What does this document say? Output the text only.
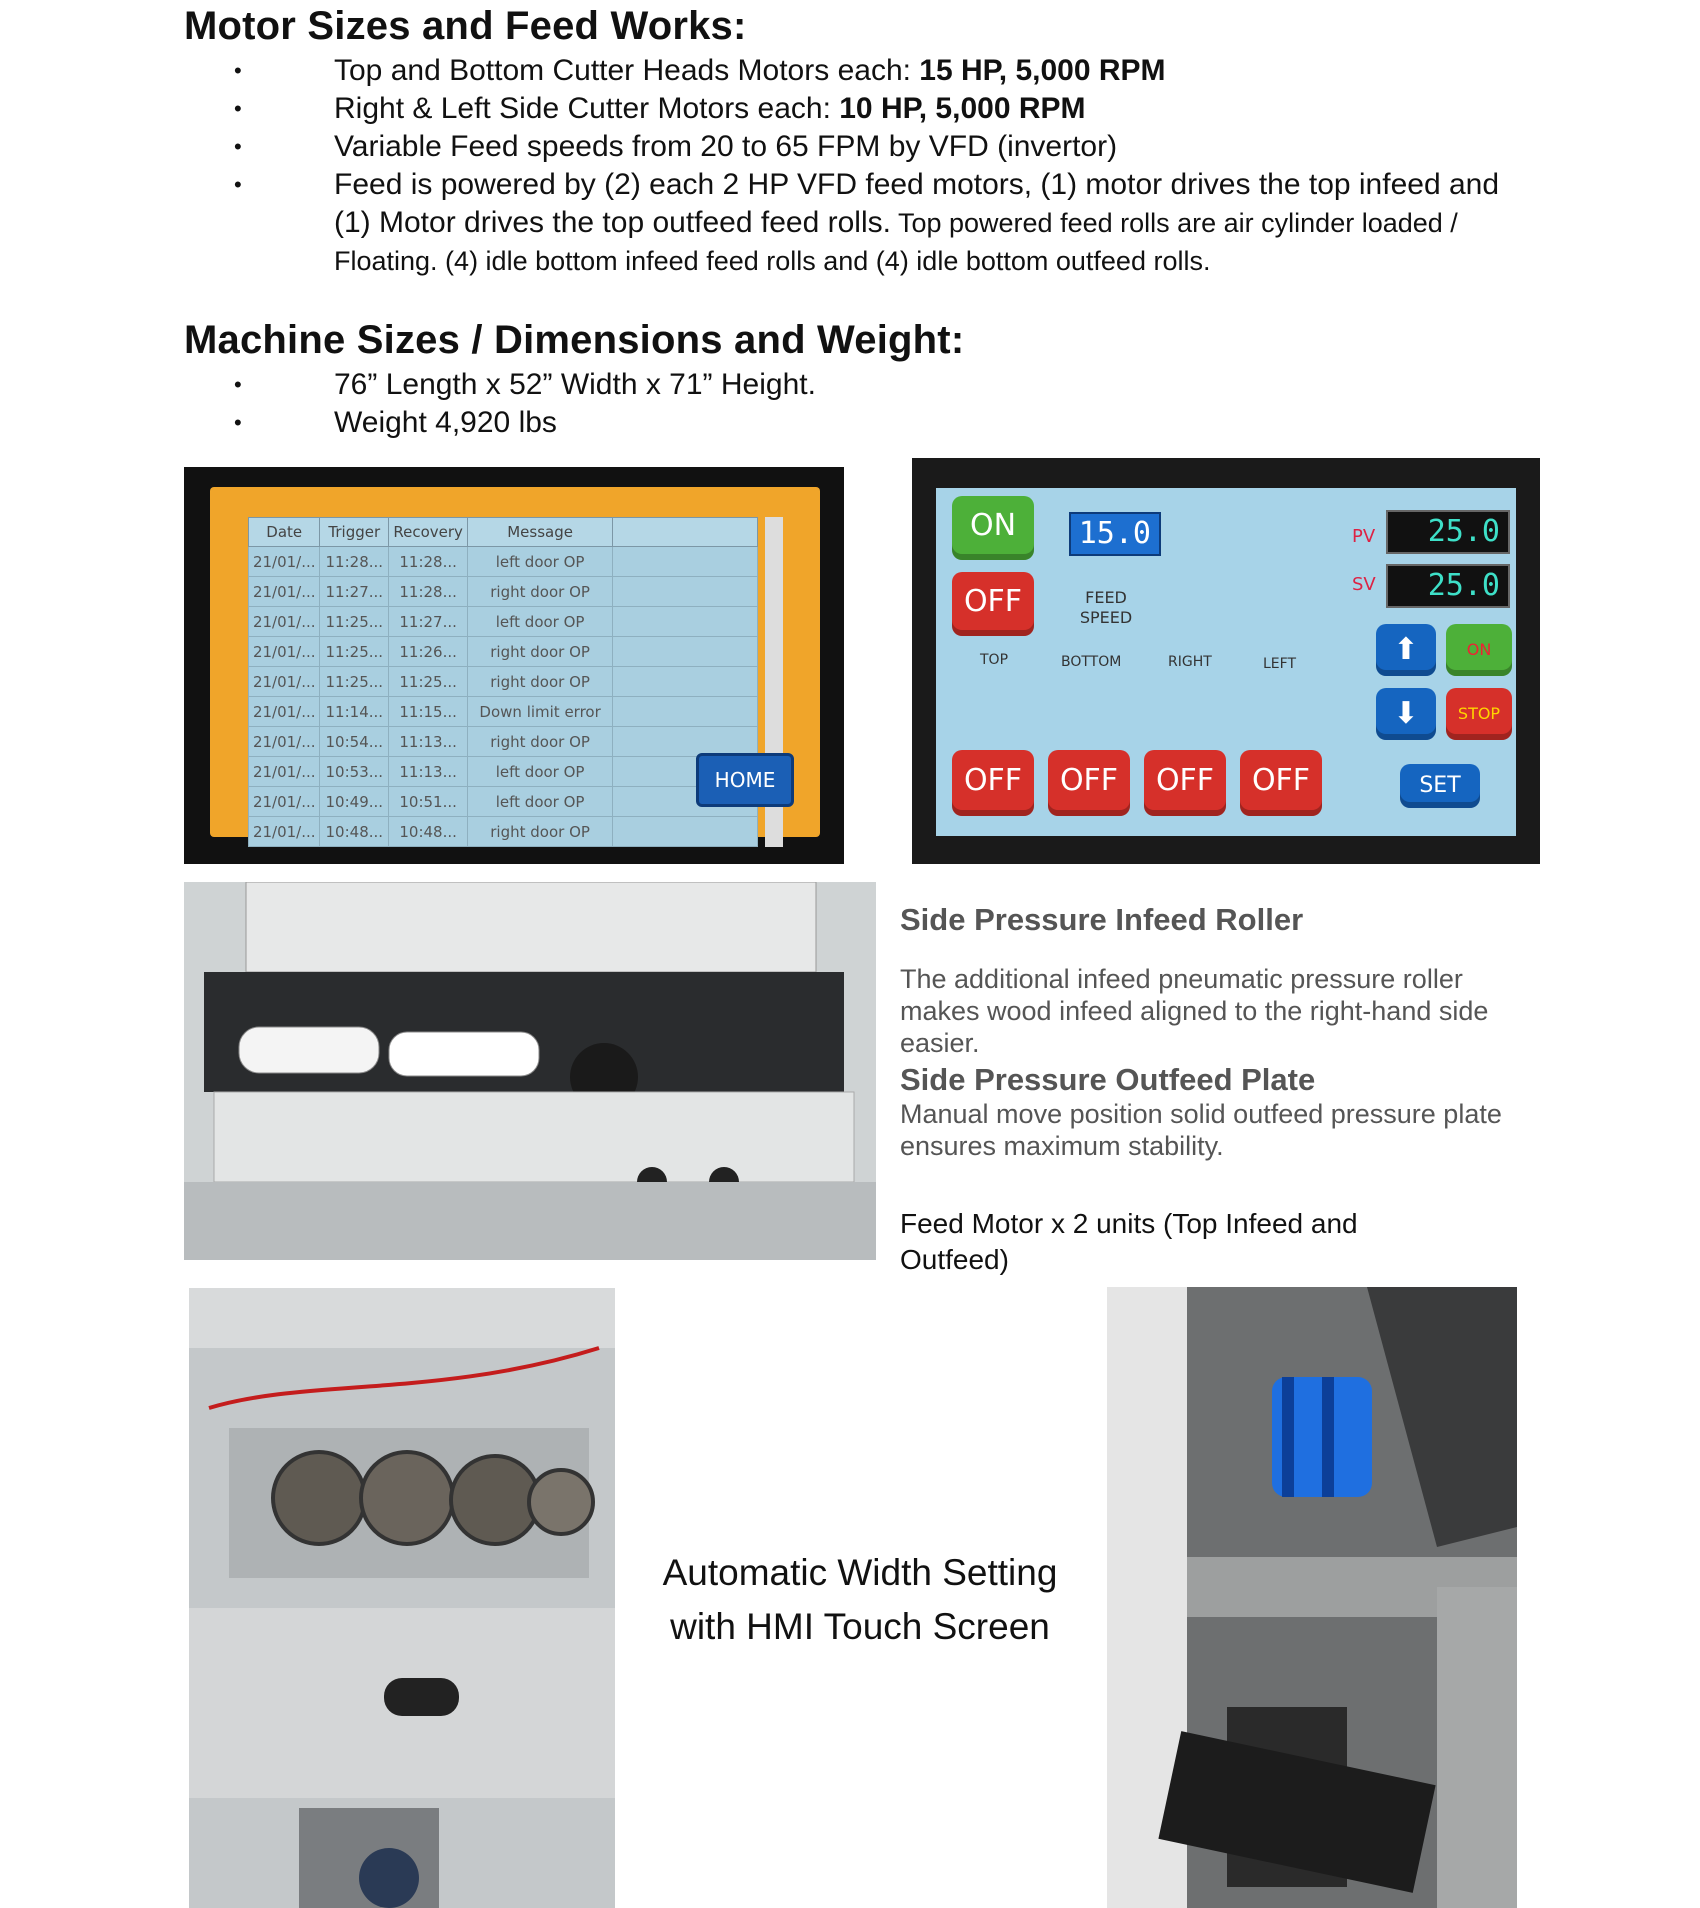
Motor Sizes and Feed Works:
•	Top and Bottom Cutter Heads Motors each: 15 HP, 5,000 RPM
•	Right & Left Side Cutter Motors each: 10 HP, 5,000 RPM
•	Variable Feed speeds from 20 to 65 FPM by VFD (invertor)
•	Feed is powered by (2) each 2 HP VFD feed motors, (1) motor drives the top infeed and (1) Motor drives the top outfeed feed rolls. Top powered feed rolls are air cylinder loaded / Floating. (4) idle bottom infeed feed rolls and (4) idle bottom outfeed rolls.
Machine Sizes / Dimensions and Weight:
•	76” Length x 52” Width x 71” Height.
•	Weight 4,920 lbs
Date	Trigger	Recovery	Message	
21/01/...	11:28...	11:28...	left door OP	
21/01/...	11:27...	11:28...	right door OP	
21/01/...	11:25...	11:27...	left door OP	
21/01/...	11:25...	11:26...	right door OP	
21/01/...	11:25...	11:25...	right door OP	
21/01/...	11:14...	11:15...	Down limit error	
21/01/...	10:54...	11:13...	right door OP	
21/01/...	10:53...	11:13...	left door OP	
21/01/...	10:49...	10:51...	left door OP	
21/01/...	10:48...	10:48...	right door OP	
HOME
ON
OFF
15.0
FEED SPEED
PV	25.0
SV	25.0
TOP	BOTTOM	RIGHT	LEFT	⬆	ON
⬇	STOP
OFF	OFF	OFF	OFF	SET
Side Pressure Infeed Roller
The additional infeed pneumatic pressure roller makes wood infeed aligned to the right-hand side easier.
Side Pressure Outfeed Plate
Manual move position solid outfeed pressure plate ensures maximum stability.
Feed Motor x 2 units (Top Infeed and Outfeed)
Automatic Width Setting with HMI Touch Screen
